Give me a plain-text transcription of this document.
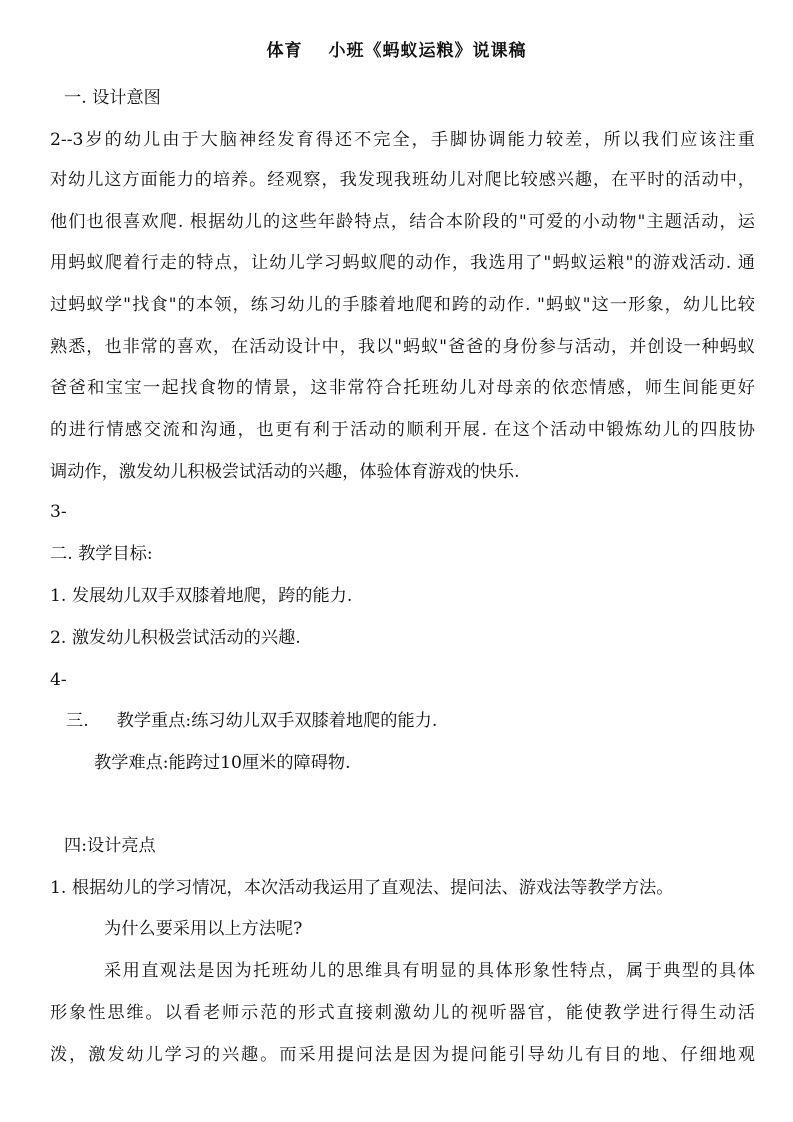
体育 小班《蚂蚁运粮》说课稿
一. 设计意图
2--3岁的幼儿由于大脑神经发育得还不完全，手脚协调能力较差，所以我们应该注重
对幼儿这方面能力的培养。经观察，我发现我班幼儿对爬比较感兴趣，在平时的活动中，
他们也很喜欢爬. 根据幼儿的这些年龄特点，结合本阶段的"可爱的小动物"主题活动，运
用蚂蚁爬着行走的特点，让幼儿学习蚂蚁爬的动作，我选用了"蚂蚁运粮"的游戏活动. 通
过蚂蚁学"找食"的本领，练习幼儿的手膝着地爬和跨的动作. "蚂蚁"这一形象，幼儿比较
熟悉，也非常的喜欢，在活动设计中，我以"蚂蚁"爸爸的身份参与活动，并创设一种蚂蚁
爸爸和宝宝一起找食物的情景，这非常符合托班幼儿对母亲的依恋情感，师生间能更好
的进行情感交流和沟通，也更有利于活动的顺利开展. 在这个活动中锻炼幼儿的四肢协
调动作，激发幼儿积极尝试活动的兴趣，体验体育游戏的快乐.
3-
二. 教学目标:
1. 发展幼儿双手双膝着地爬，跨的能力.
2. 激发幼儿积极尝试活动的兴趣.
4-
三. 教学重点:练习幼儿双手双膝着地爬的能力.
教学难点:能跨过10厘米的障碍物.
四:设计亮点
1. 根据幼儿的学习情况，本次活动我运用了直观法、提问法、游戏法等教学方法。
为什么要采用以上方法呢?
采用直观法是因为托班幼儿的思维具有明显的具体形象性特点，属于典型的具体
形象性思维。以看老师示范的形式直接刺激幼儿的视听器官，能使教学进行得生动活
泼，激发幼儿学习的兴趣。而采用提问法是因为提问能引导幼儿有目的地、仔细地观
